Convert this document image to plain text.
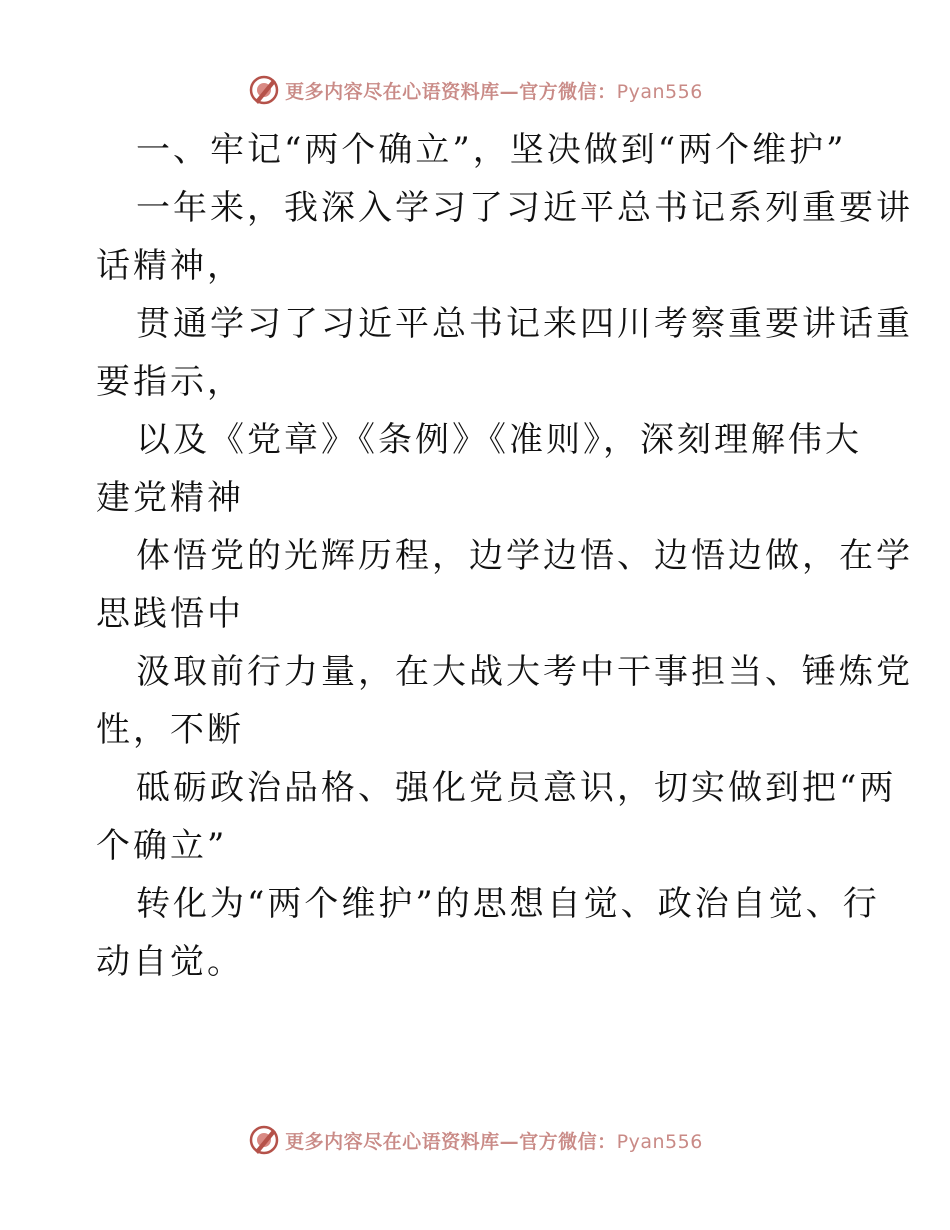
更多内容尽在心语资料库—官方微信：Pyan556
一、牢记“两个确立”，坚决做到“两个维护”
一年来，我深入学习了习近平总书记系列重要讲
话精神，
贯通学习了习近平总书记来四川考察重要讲话重
要指示，
以及《党章》《条例》《准则》，深刻理解伟大
建党精神
体悟党的光辉历程，边学边悟、边悟边做，在学
思践悟中
汲取前行力量，在大战大考中干事担当、锤炼党
性，不断
砥砺政治品格、强化党员意识，切实做到把“两
个确立”
转化为“两个维护”的思想自觉、政治自觉、行
动自觉。
更多内容尽在心语资料库—官方微信：Pyan556
